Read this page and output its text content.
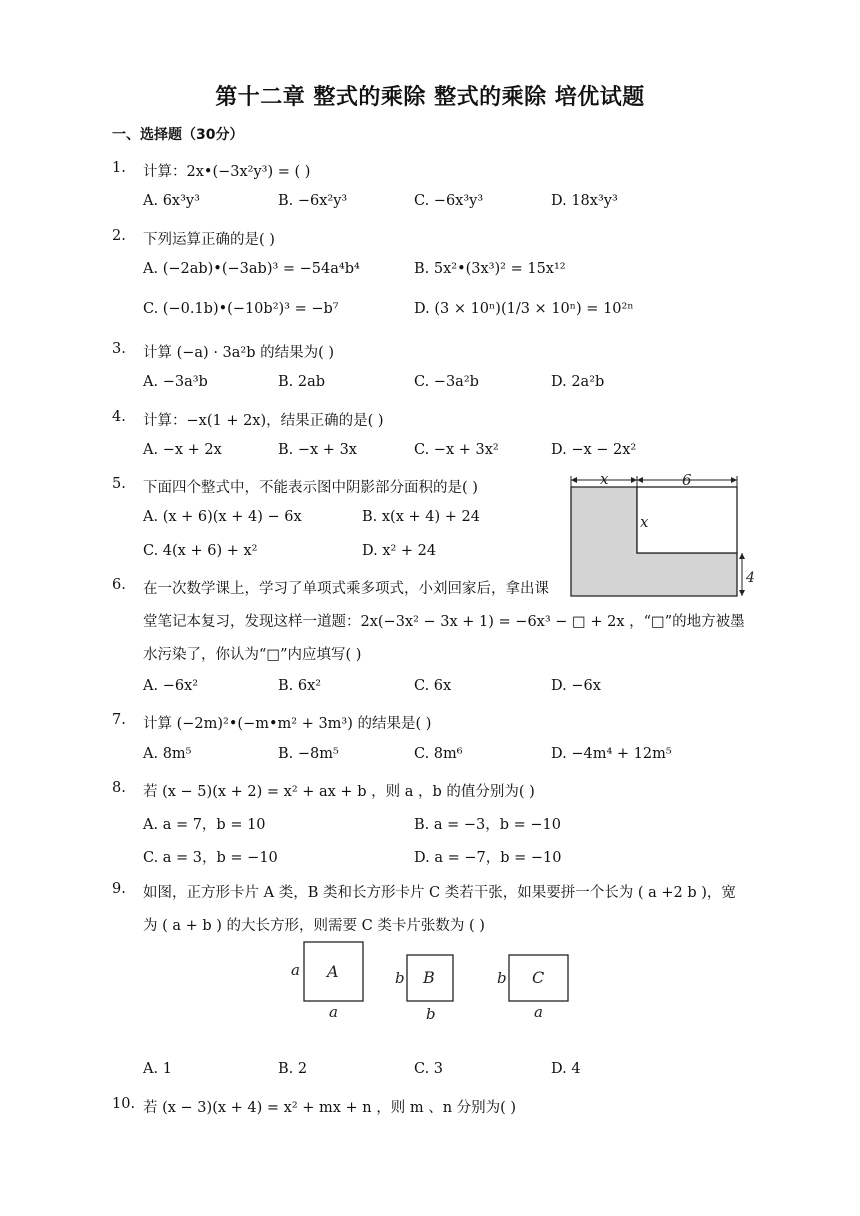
第十二章 整式的乘除 整式的乘除 培优试题
一、选择题（30分）
1. 计算：2x•(−3x²y³) = ( )
A. 6x³y³	B. −6x²y³	C. −6x³y³	D. 18x³y³
2. 下列运算正确的是( )
A. (−2ab)•(−3ab)³ = −54a⁴b⁴	B. 5x²•(3x³)² = 15x¹²
C. (−0.1b)•(−10b²)³ = −b⁷	D. (3 × 10ⁿ)(1/3 × 10ⁿ) = 10²ⁿ
3. 计算 (−a) · 3a²b 的结果为( )
A. −3a³b	B. 2ab	C. −3a²b	D. 2a²b
4. 计算：−x(1 + 2x)，结果正确的是( )
A. −x + 2x	B. −x + 3x	C. −x + 3x²	D. −x − 2x²
5. 下面四个整式中，不能表示图中阴影部分面积的是( )
A. (x + 6)(x + 4) − 6x	B. x(x + 4) + 24
C. 4(x + 6) + x²	D. x² + 24
x	6
x
4
6. 在一次数学课上，学习了单项式乘多项式，小刘回家后，拿出课
堂笔记本复习，发现这样一道题：2x(−3x² − 3x + 1) = −6x³ − □ + 2x ，“□”的地方被墨
水污染了，你认为“□”内应填写( )
A. −6x²	B. 6x²	C. 6x	D. −6x
7. 计算 (−2m)²•(−m•m² + 3m³) 的结果是( )
A. 8m⁵	B. −8m⁵	C. 8m⁶	D. −4m⁴ + 12m⁵
8. 若 (x − 5)(x + 2) = x² + ax + b ，则 a ，b 的值分别为( )
A. a = 7，b = 10	B. a = −3，b = −10
C. a = 3，b = −10	D. a = −7，b = −10
9. 如图，正方形卡片 A 类，B 类和长方形卡片 C 类若干张，如果要拼一个长为 ( a +2 b )，宽
为 ( a + b ) 的大长方形，则需要 C 类卡片张数为 ( )
A
a
a
B
b
b
C
b
a
A. 1	B. 2	C. 3	D. 4
10. 若 (x − 3)(x + 4) = x² + mx + n ，则 m 、n 分别为( )
